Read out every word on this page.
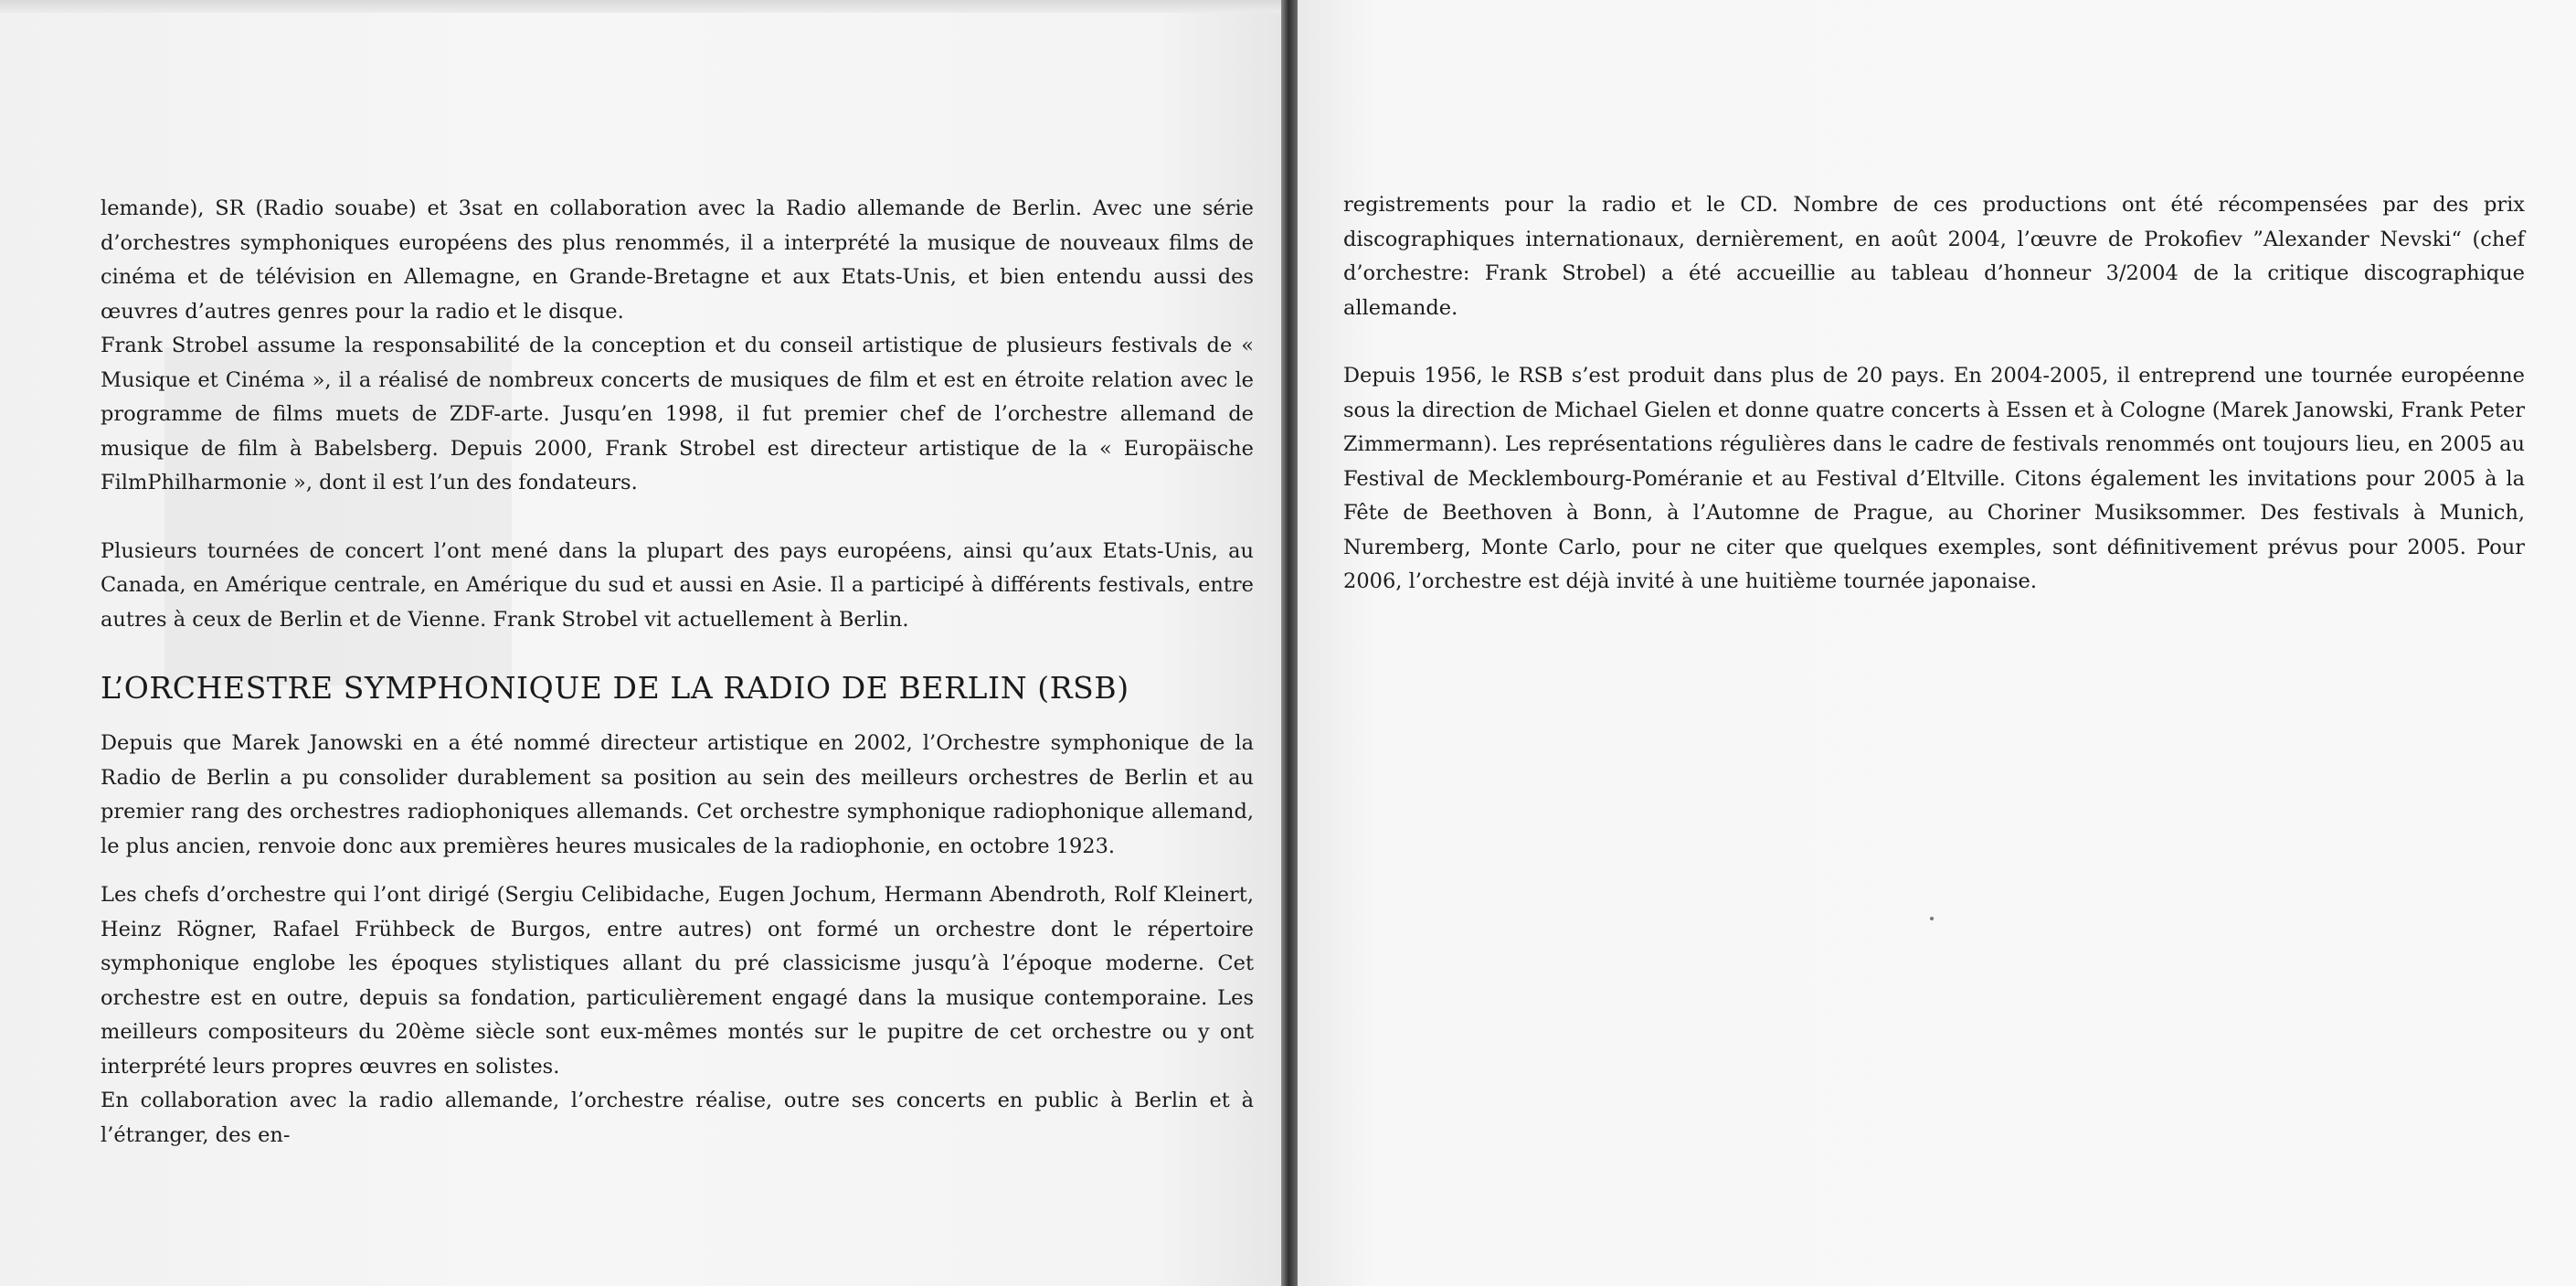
lemande), SR (Radio souabe) et 3sat en collaboration avec la Radio allemande de Berlin. Avec une série d’orchestres symphoniques européens des plus renommés, il a interprété la musique de nouveaux films de cinéma et de télévision en Allemagne, en Grande-Bretagne et aux Etats-Unis, et bien entendu aussi des œuvres d’autres genres pour la radio et le disque.

Frank Strobel assume la responsabilité de la conception et du conseil artistique de plusieurs festivals de « Musique et Cinéma », il a réalisé de nombreux concerts de musiques de film et est en étroite relation avec le programme de films muets de ZDF-arte. Jusqu’en 1998, il fut premier chef de l’orchestre allemand de musique de film à Babelsberg. Depuis 2000, Frank Strobel est directeur artistique de la « Europäische FilmPhilharmonie », dont il est l’un des fondateurs.

Plusieurs tournées de concert l’ont mené dans la plupart des pays européens, ainsi qu’aux Etats-Unis, au Canada, en Amérique centrale, en Amérique du sud et aussi en Asie. Il a participé à différents festivals, entre autres à ceux de Berlin et de Vienne. Frank Strobel vit actuellement à Berlin.

L’ORCHESTRE SYMPHONIQUE DE LA RADIO DE BERLIN (RSB)

Depuis que Marek Janowski en a été nommé directeur artistique en 2002, l’Orchestre symphonique de la Radio de Berlin a pu consolider durablement sa position au sein des meilleurs orchestres de Berlin et au premier rang des orchestres radiophoniques allemands. Cet orchestre symphonique radiophonique allemand, le plus ancien, renvoie donc aux premières heures musicales de la radiophonie, en octobre 1923.

Les chefs d’orchestre qui l’ont dirigé (Sergiu Celibidache, Eugen Jochum, Hermann Abendroth, Rolf Kleinert, Heinz Rögner, Rafael Frühbeck de Burgos, entre autres) ont formé un orchestre dont le répertoire symphonique englobe les époques stylistiques allant du pré classicisme jusqu’à l’époque moderne. Cet orchestre est en outre, depuis sa fondation, particulièrement engagé dans la musique contemporaine. Les meilleurs compositeurs du 20ème siècle sont eux-mêmes montés sur le pupitre de cet orchestre ou y ont interprété leurs propres œuvres en solistes.

En collaboration avec la radio allemande, l’orchestre réalise, outre ses concerts en public à Berlin et à l’étranger, des en-

registrements pour la radio et le CD. Nombre de ces productions ont été récompensées par des prix discographiques internationaux, dernièrement, en août 2004, l’œuvre de Prokofiev ”Alexander Nevski“ (chef d’orchestre: Frank Strobel) a été accueillie au tableau d’honneur 3/2004 de la critique discographique allemande.

Depuis 1956, le RSB s’est produit dans plus de 20 pays. En 2004-2005, il entreprend une tournée européenne sous la direction de Michael Gielen et donne quatre concerts à Essen et à Cologne (Marek Janowski, Frank Peter Zimmermann). Les représentations régulières dans le cadre de festivals renommés ont toujours lieu, en 2005 au Festival de Mecklembourg-Poméranie et au Festival d’Eltville. Citons également les invitations pour 2005 à la Fête de Beethoven à Bonn, à l’Automne de Prague, au Choriner Musiksommer. Des festivals à Munich, Nuremberg, Monte Carlo, pour ne citer que quelques exemples, sont définitivement prévus pour 2005. Pour 2006, l’orchestre est déjà invité à une huitième tournée japonaise.
